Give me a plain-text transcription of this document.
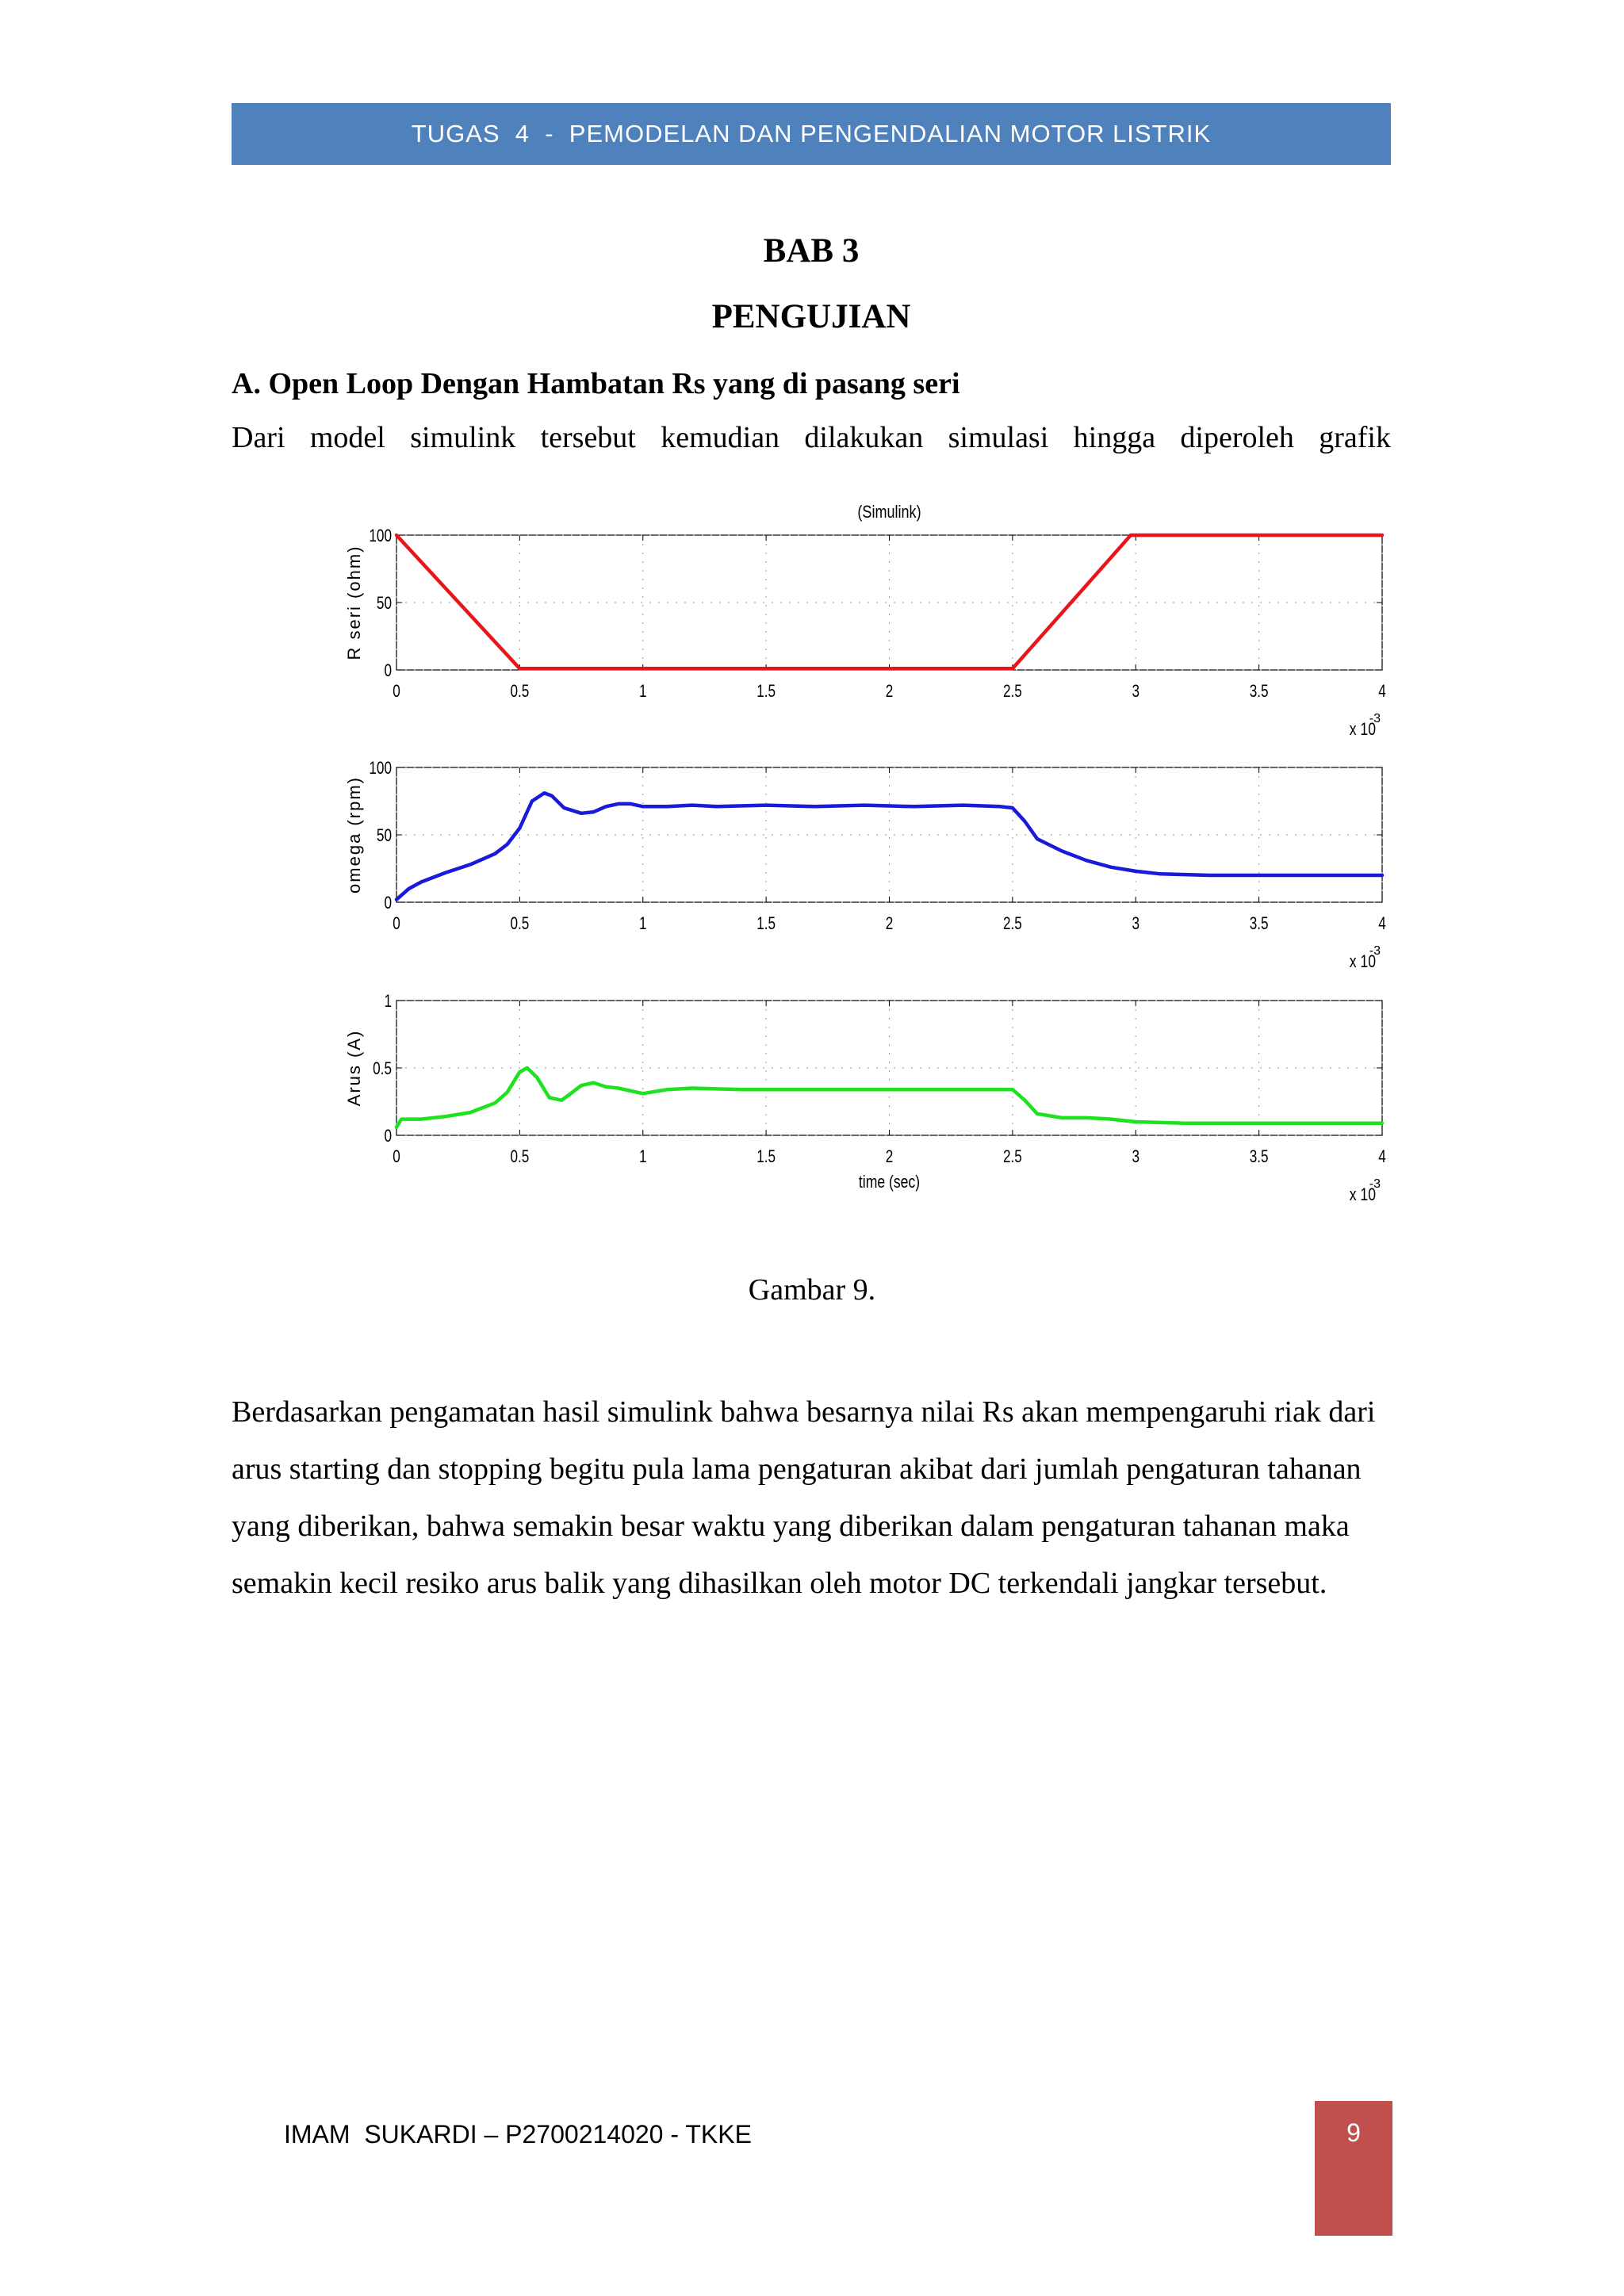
TUGAS  4  -  PEMODELAN DAN PENGENDALIAN MOTOR LISTRIK
BAB 3
PENGUJIAN
A. Open Loop Dengan Hambatan Rs yang di pasang seri
Dari model simulink tersebut kemudian dilakukan simulasi hingga diperoleh grafik
0	0.5	1	1.5	2	2.5	3	3.5	4
0
50
100
R seri (ohm)
(Simulink)
x 10
-3
0	0.5	1	1.5	2	2.5	3	3.5	4
0
50
100
omega (rpm)
x 10
-3
0	0.5	1	1.5	2	2.5	3	3.5	4
0
0.5
1
Arus (A)
time (sec)
x 10
-3
Gambar 9.

Berdasarkan pengamatan hasil simulink bahwa besarnya nilai Rs akan mempengaruhi riak dari arus starting dan stopping begitu pula lama pengaturan akibat dari jumlah pengaturan tahanan yang diberikan, bahwa semakin besar waktu yang diberikan dalam pengaturan tahanan maka semakin kecil resiko arus balik yang dihasilkan oleh motor DC terkendali jangkar tersebut.

IMAM  SUKARDI – P2700214020 - TKKE	9
